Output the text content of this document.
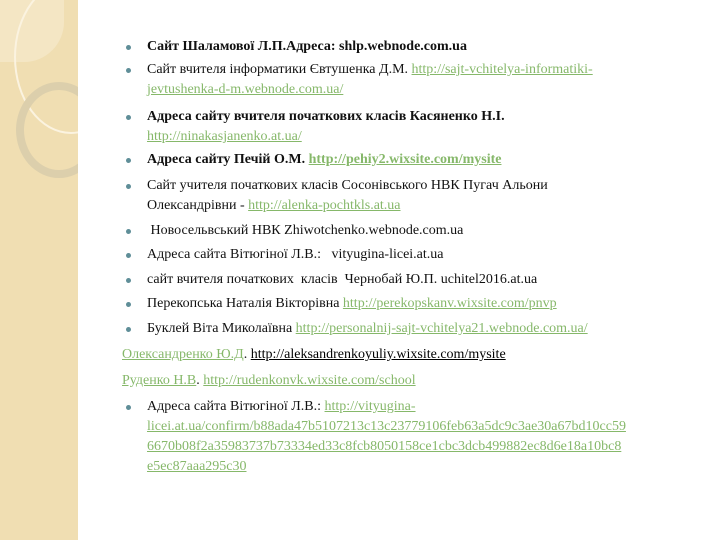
Сайт Шаламової Л.П.Адреса: shlp.webnode.com.ua
Сайт вчителя інформатики Євтушенка Д.М. http://sajt-vchitelya-informatiki-
jevtushenka-d-m.webnode.com.ua/
Адреса сайту вчителя початкових класів Касяненко Н.І.
http://ninakasjanenko.at.ua/
Адреса сайту Печій О.М. http://pehiy2.wixsite.com/mysite
Сайт учителя початкових класів Сосонівського НВК Пугач Альони
Олександрівни - http://alenka-pochtkls.at.ua
Новосельвський НВК Zhiwotchenko.webnode.com.ua
Адреса сайта Вітюгіної Л.В.:   vityugina-licei.at.ua
сайт вчителя початкових  класів  Чернобай Ю.П. uchitel2016.at.ua
Перекопська Наталія Вікторівна http://perekopskanv.wixsite.com/pnvp
Буклей Віта Миколаївна http://personalnij-sajt-vchitelya21.webnode.com.ua/
Олександренко Ю.Д. http://aleksandrenkoyuliy.wixsite.com/mysite
Руденко Н.В. http://rudenkonvk.wixsite.com/school
Адреса сайта Вітюгіної Л.В.: http://vityugina-
licei.at.ua/confirm/b88ada47b5107213c13c23779106feb63a5dc9c3ae30a67bd10cc59
6670b08f2a35983737b73334ed33c8fcb8050158ce1cbc3dcb499882ec8d6e18a10bc8
e5ec87aaa295c30
